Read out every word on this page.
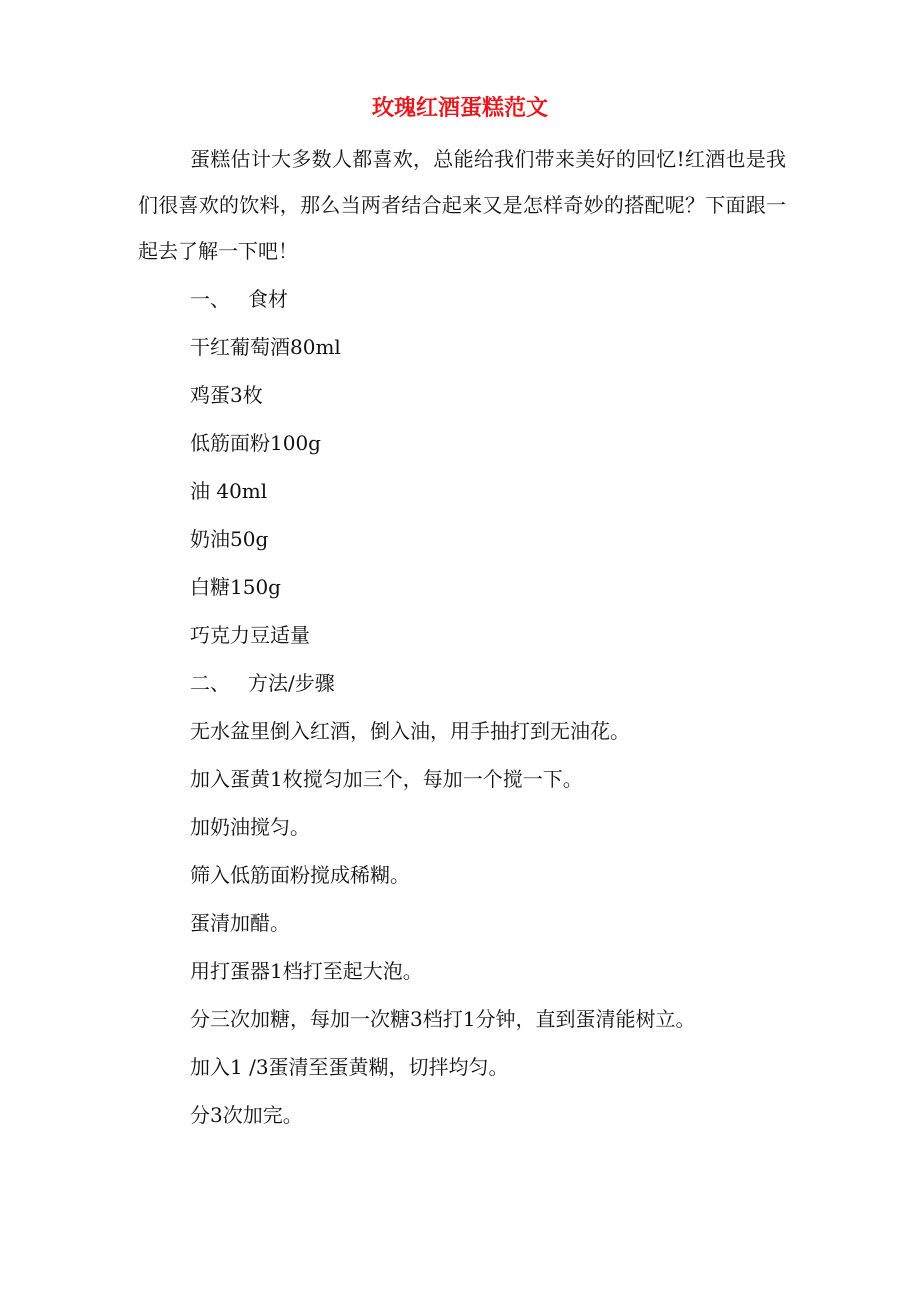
玫瑰红酒蛋糕范文

蛋糕估计大多数人都喜欢，总能给我们带来美好的回忆!红酒也是我们很喜欢的饮料，那么当两者结合起来又是怎样奇妙的搭配呢？下面跟一起去了解一下吧！

一、 食材
干红葡萄酒80ml
鸡蛋3枚
低筋面粉100g
油 40ml
奶油50g
白糖150g
巧克力豆适量
二、 方法/步骤
无水盆里倒入红酒，倒入油，用手抽打到无油花。
加入蛋黄1枚搅匀加三个，每加一个搅一下。
加奶油搅匀。
筛入低筋面粉搅成稀糊。
蛋清加醋。
用打蛋器1档打至起大泡。
分三次加糖，每加一次糖3档打1分钟，直到蛋清能树立。
加入1 /3蛋清至蛋黄糊，切拌均匀。
分3次加完。
